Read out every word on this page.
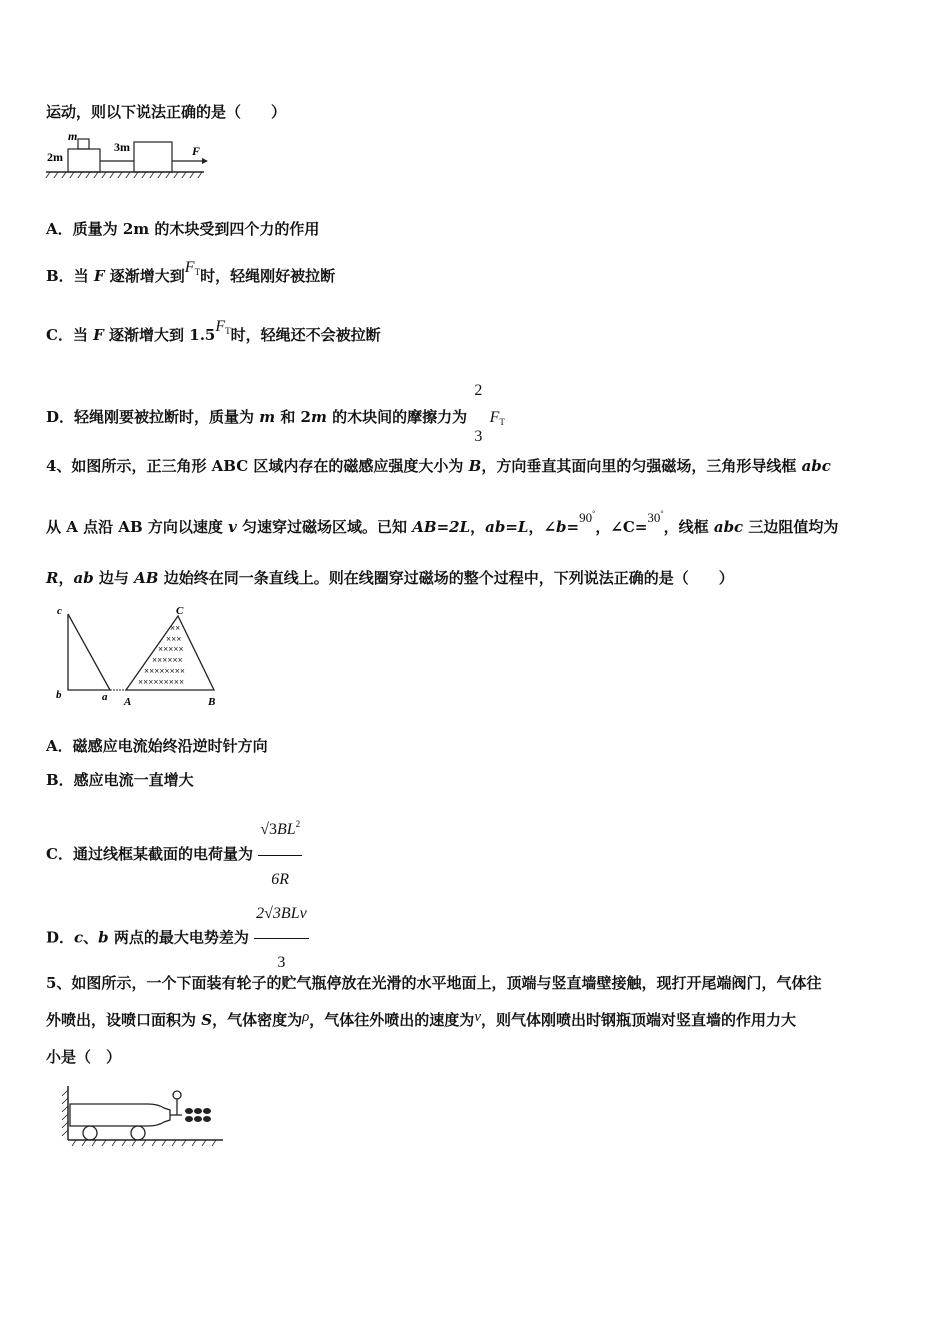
运动，则以下说法正确的是（　　）
m
2m
3m	F
A．质量为 2m 的木块受到四个力的作用
B．当 F 逐渐增大到$F_T$时，轻绳刚好被拉断
C．当 F 逐渐增大到 $1.5F_T$时，轻绳还不会被拉断
D．轻绳刚要被拉断时，质量为 m 和 2m 的木块间的摩擦力为
2
3
$F_T$
4、如图所示，正三角形 ABC 区域内存在的磁感应强度大小为 B，方向垂直其面向里的匀强磁场，三角形导线框 abc
从 A 点沿 AB 方向以速度 v 匀速穿过磁场区域。已知 AB=2L，ab=L，∠b=90°，∠C=30°，线框 abc 三边阻值均为
R，ab 边与 AB 边始终在同一条直线上。则在线圈穿过磁场的整个过程中，下列说法正确的是（　　）
××
×××
×××××
××××××
××××××××
×××××××××
c
b	a A	B
C
A．磁感应电流始终沿逆时针方向
B．感应电流一直增大
C．通过线框某截面的电荷量为 $\frac{√3BL^2}{6R}$
D．c、b 两点的最大电势差为 $\frac{\text{2√3BLv}}{3}$
5、如图所示，一个下面装有轮子的贮气瓶停放在光滑的水平地面上，顶端与竖直墙壁接触，现打开尾端阀门，气体往
外喷出，设喷口面积为 S，气体密度为ρ，气体往外喷出的速度为v，则气体刚喷出时钢瓶顶端对竖直墙的作用力大
小是（　）
